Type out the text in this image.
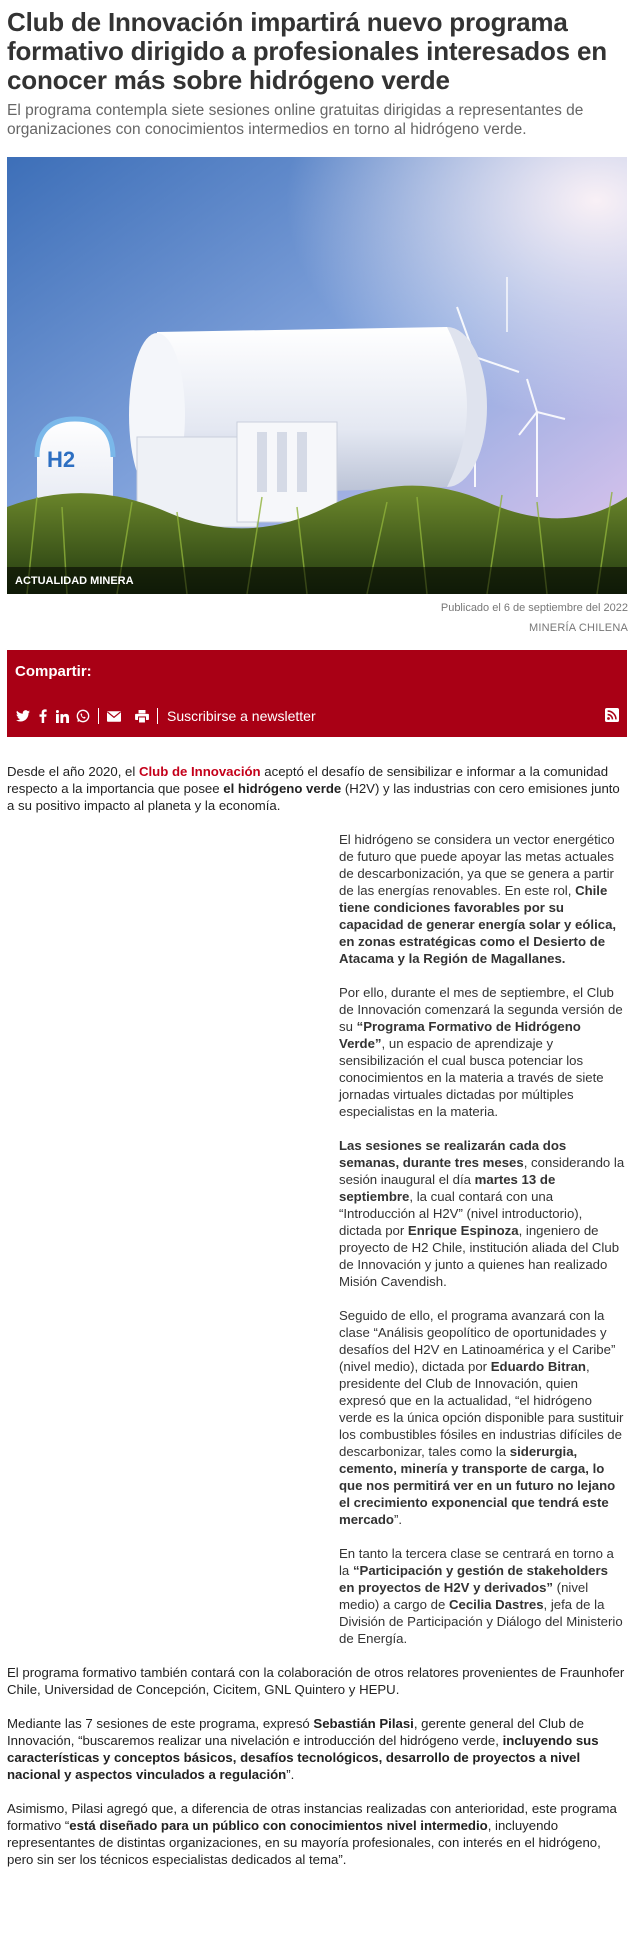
Club de Innovación impartirá nuevo programa formativo dirigido a profesionales interesados en conocer más sobre hidrógeno verde

El programa contempla siete sesiones online gratuitas dirigidas a representantes de organizaciones con conocimientos intermedios en torno al hidrógeno verde.

H2
ACTUALIDAD MINERA
Publicado el 6 de septiembre del 2022
MINERÍA CHILENA
Compartir:
Suscribirse a newsletter

Desde el año 2020, el Club de Innovación aceptó el desafío de sensibilizar e informar a la comunidad respecto a la importancia que posee el hidrógeno verde (H2V) y las industrias con cero emisiones junto a su positivo impacto al planeta y la economía.

El hidrógeno se considera un vector energético de futuro que puede apoyar las metas actuales de descarbonización, ya que se genera a partir de las energías renovables. En este rol, Chile tiene condiciones favorables por su capacidad de generar energía solar y eólica, en zonas estratégicas como el Desierto de Atacama y la Región de Magallanes.

Por ello, durante el mes de septiembre, el Club de Innovación comenzará la segunda versión de su “Programa Formativo de Hidrógeno Verde”, un espacio de aprendizaje y sensibilización el cual busca potenciar los conocimientos en la materia a través de siete jornadas virtuales dictadas por múltiples especialistas en la materia.

Las sesiones se realizarán cada dos semanas, durante tres meses, considerando la sesión inaugural el día martes 13 de septiembre, la cual contará con una “Introducción al H2V” (nivel introductorio), dictada por Enrique Espinoza, ingeniero de proyecto de H2 Chile, institución aliada del Club de Innovación y junto a quienes han realizado Misión Cavendish.

Seguido de ello, el programa avanzará con la clase “Análisis geopolítico de oportunidades y desafíos del H2V en Latinoamérica y el Caribe” (nivel medio), dictada por Eduardo Bitran, presidente del Club de Innovación, quien expresó que en la actualidad, “el hidrógeno verde es la única opción disponible para sustituir los combustibles fósiles en industrias difíciles de descarbonizar, tales como la siderurgia, cemento, minería y transporte de carga, lo que nos permitirá ver en un futuro no lejano el crecimiento exponencial que tendrá este mercado”.

En tanto la tercera clase se centrará en torno a la “Participación y gestión de stakeholders en proyectos de H2V y derivados” (nivel medio) a cargo de Cecilia Dastres, jefa de la División de Participación y Diálogo del Ministerio de Energía.

El programa formativo también contará con la colaboración de otros relatores provenientes de Fraunhofer Chile, Universidad de Concepción, Cicitem, GNL Quintero y HEPU.

Mediante las 7 sesiones de este programa, expresó Sebastián Pilasi, gerente general del Club de Innovación, “buscaremos realizar una nivelación e introducción del hidrógeno verde, incluyendo sus características y conceptos básicos, desafíos tecnológicos, desarrollo de proyectos a nivel nacional y aspectos vinculados a regulación”.

Asimismo, Pilasi agregó que, a diferencia de otras instancias realizadas con anterioridad, este programa formativo “está diseñado para un público con conocimientos nivel intermedio, incluyendo representantes de distintas organizaciones, en su mayoría profesionales, con interés en el hidrógeno, pero sin ser los técnicos especialistas dedicados al tema”.
